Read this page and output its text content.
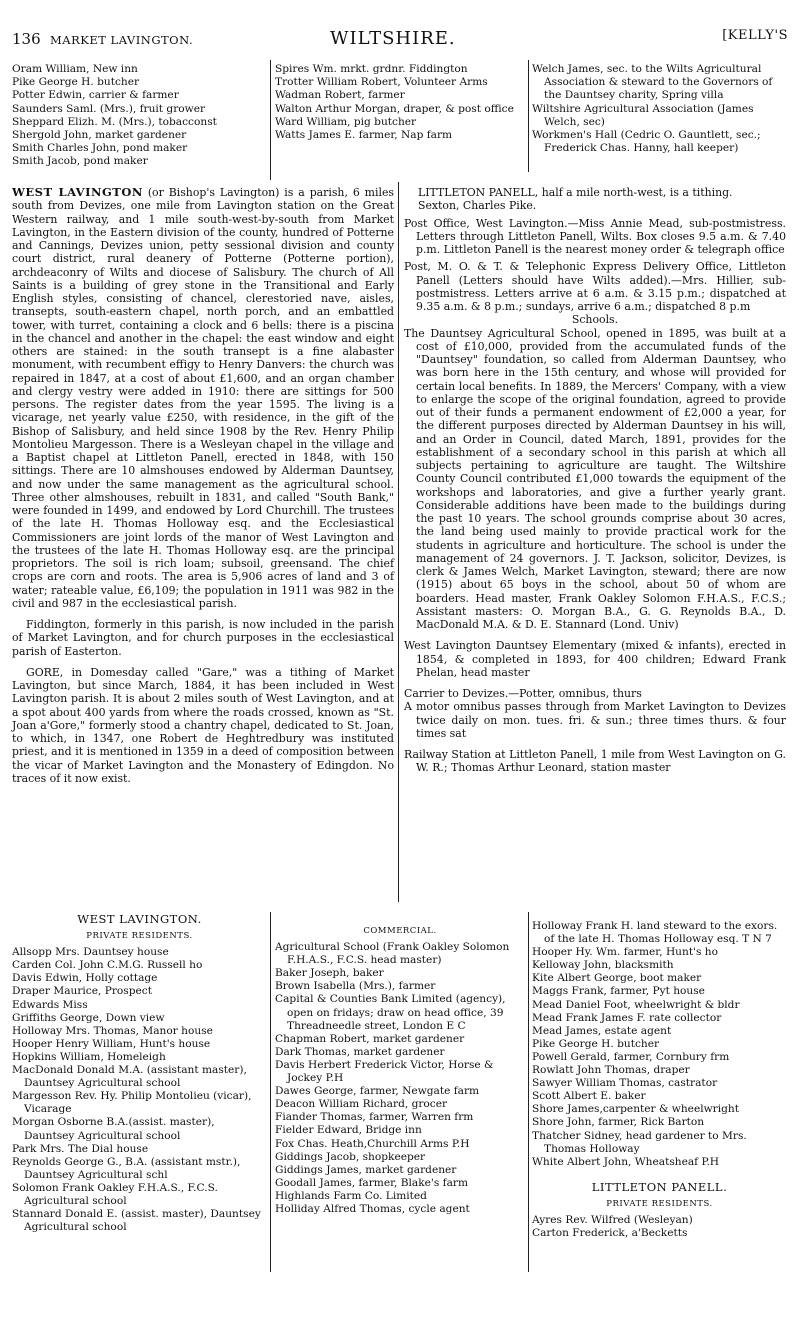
136 MARKET LAVINGTON.	WILTSHIRE.	[KELLY'S

Oram William, New inn

Pike George H. butcher

Potter Edwin, carrier & farmer

Saunders Saml. (Mrs.), fruit grower

Sheppard Elizh. M. (Mrs.), tobacconst

Shergold John, market gardener

Smith Charles John, pond maker

Smith Jacob, pond maker

Spires Wm. mrkt. grdnr. Fiddington

Trotter William Robert, Volunteer Arms

Wadman Robert, farmer

Walton Arthur Morgan, draper, & post office

Ward William, pig butcher

Watts James E. farmer, Nap farm

Welch James, sec. to the Wilts Agricultural Association & steward to the Governors of the Dauntsey charity, Spring villa

Wiltshire Agricultural Association (James Welch, sec)

Workmen's Hall (Cedric O. Gauntlett, sec.; Frederick Chas. Hanny, hall keeper)

WEST LAVINGTON (or Bishop's Lavington) is a parish, 6 miles south from Devizes, one mile from Lavington station on the Great Western railway, and 1 mile south-west-by-south from Market Lavington, in the Eastern division of the county, hundred of Potterne and Cannings, Devizes union, petty sessional division and county court district, rural deanery of Potterne (Potterne portion), archdeaconry of Wilts and diocese of Salisbury. The church of All Saints is a building of grey stone in the Transitional and Early English styles, consisting of chancel, clerestoried nave, aisles, transepts, south-eastern chapel, north porch, and an embattled tower, with turret, containing a clock and 6 bells: there is a piscina in the chancel and another in the chapel: the east window and eight others are stained: in the south transept is a fine alabaster monument, with recumbent effigy to Henry Danvers: the church was repaired in 1847, at a cost of about £1,600, and an organ chamber and clergy vestry were added in 1910: there are sittings for 500 persons. The register dates from the year 1595. The living is a vicarage, net yearly value £250, with residence, in the gift of the Bishop of Salisbury, and held since 1908 by the Rev. Henry Philip Montolieu Margesson. There is a Wesleyan chapel in the village and a Baptist chapel at Littleton Panell, erected in 1848, with 150 sittings. There are 10 almshouses endowed by Alderman Dauntsey, and now under the same management as the agricultural school. Three other almshouses, rebuilt in 1831, and called "South Bank," were founded in 1499, and endowed by Lord Churchill. The trustees of the late H. Thomas Holloway esq. and the Ecclesiastical Commissioners are joint lords of the manor of West Lavington and the trustees of the late H. Thomas Holloway esq. are the principal proprietors. The soil is rich loam; subsoil, greensand. The chief crops are corn and roots. The area is 5,906 acres of land and 3 of water; rateable value, £6,109; the population in 1911 was 982 in the civil and 987 in the ecclesiastical parish.

Fiddington, formerly in this parish, is now included in the parish of Market Lavington, and for church purposes in the ecclesiastical parish of Easterton.

GORE, in Domesday called "Gare," was a tithing of Market Lavington, but since March, 1884, it has been included in West Lavington parish. It is about 2 miles south of West Lavington, and at a spot about 400 yards from where the roads crossed, known as "St. Joan a'Gore," formerly stood a chantry chapel, dedicated to St. Joan, to which, in 1347, one Robert de Heghtredbury was instituted priest, and it is mentioned in 1359 in a deed of composition between the vicar of Market Lavington and the Monastery of Edingdon. No traces of it now exist.

LITTLETON PANELL, half a mile north-west, is a tithing.

Sexton, Charles Pike.

Post Office, West Lavington.—Miss Annie Mead, sub-postmistress. Letters through Littleton Panell, Wilts. Box closes 9.5 a.m. & 7.40 p.m. Littleton Panell is the nearest money order & telegraph office

Post, M. O. & T. & Telephonic Express Delivery Office, Littleton Panell (Letters should have Wilts added).—Mrs. Hillier, sub-postmistress. Letters arrive at 6 a.m. & 3.15 p.m.; dispatched at 9.35 a.m. & 8 p.m.; sundays, arrive 6 a.m.; dispatched 8 p.m

Schools.

The Dauntsey Agricultural School, opened in 1895, was built at a cost of £10,000, provided from the accumulated funds of the "Dauntsey" foundation, so called from Alderman Dauntsey, who was born here in the 15th century, and whose will provided for certain local benefits. In 1889, the Mercers' Company, with a view to enlarge the scope of the original foundation, agreed to provide out of their funds a permanent endowment of £2,000 a year, for the different purposes directed by Alderman Dauntsey in his will, and an Order in Council, dated March, 1891, provides for the establishment of a secondary school in this parish at which all subjects pertaining to agriculture are taught. The Wiltshire County Council contributed £1,000 towards the equipment of the workshops and laboratories, and give a further yearly grant. Considerable additions have been made to the buildings during the past 10 years. The school grounds comprise about 30 acres, the land being used mainly to provide practical work for the students in agriculture and horticulture. The school is under the management of 24 governors. J. T. Jackson, solicitor, Devizes, is clerk & James Welch, Market Lavington, steward; there are now (1915) about 65 boys in the school, about 50 of whom are boarders. Head master, Frank Oakley Solomon F.H.A.S., F.C.S.; Assistant masters: O. Morgan B.A., G. G. Reynolds B.A., D. MacDonald M.A. & D. E. Stannard (Lond. Univ)

West Lavington Dauntsey Elementary (mixed & infants), erected in 1854, & completed in 1893, for 400 children; Edward Frank Phelan, head master

Carrier to Devizes.—Potter, omnibus, thurs

A motor omnibus passes through from Market Lavington to Devizes twice daily on mon. tues. fri. & sun.; three times thurs. & four times sat

Railway Station at Littleton Panell, 1 mile from West Lavington on G. W. R.; Thomas Arthur Leonard, station master

WEST LAVINGTON.

PRIVATE RESIDENTS.

Allsopp Mrs. Dauntsey house

Carden Col. John C.M.G. Russell ho

Davis Edwin, Holly cottage

Draper Maurice, Prospect

Edwards Miss

Griffiths George, Down view

Holloway Mrs. Thomas, Manor house

Hooper Henry William, Hunt's house

Hopkins William, Homeleigh

MacDonald Donald M.A. (assistant master), Dauntsey Agricultural school

Margesson Rev. Hy. Philip Montolieu (vicar), Vicarage

Morgan Osborne B.A.(assist. master), Dauntsey Agricultural school

Park Mrs. The Dial house

Reynolds George G., B.A. (assistant mstr.), Dauntsey Agricultural schl

Solomon Frank Oakley F.H.A.S., F.C.S. Agricultural school

Stannard Donald E. (assist. master), Dauntsey Agricultural school

COMMERCIAL.

Agricultural School (Frank Oakley Solomon F.H.A.S., F.C.S. head master)

Baker Joseph, baker

Brown Isabella (Mrs.), farmer

Capital & Counties Bank Limited (agency), open on fridays; draw on head office, 39 Threadneedle street, London E C

Chapman Robert, market gardener

Dark Thomas, market gardener

Davis Herbert Frederick Victor, Horse & Jockey P.H

Dawes George, farmer, Newgate farm

Deacon William Richard, grocer

Fiander Thomas, farmer, Warren frm

Fielder Edward, Bridge inn

Fox Chas. Heath,Churchill Arms P.H

Giddings Jacob, shopkeeper

Giddings James, market gardener

Goodall James, farmer, Blake's farm

Highlands Farm Co. Limited

Holliday Alfred Thomas, cycle agent

Holloway Frank H. land steward to the exors. of the late H. Thomas Holloway esq. T N 7

Hooper Hy. Wm. farmer, Hunt's ho

Kelloway John, blacksmith

Kite Albert George, boot maker

Maggs Frank, farmer, Pyt house

Mead Daniel Foot, wheelwright & bldr

Mead Frank James F. rate collector

Mead James, estate agent

Pike George H. butcher

Powell Gerald, farmer, Cornbury frm

Rowlatt John Thomas, draper

Sawyer William Thomas, castrator

Scott Albert E. baker

Shore James,carpenter & wheelwright

Shore John, farmer, Rick Barton

Thatcher Sidney, head gardener to Mrs. Thomas Holloway

White Albert John, Wheatsheaf P.H

LITTLETON PANELL.

PRIVATE RESIDENTS.

Ayres Rev. Wilfred (Wesleyan)

Carton Frederick, a'Becketts
